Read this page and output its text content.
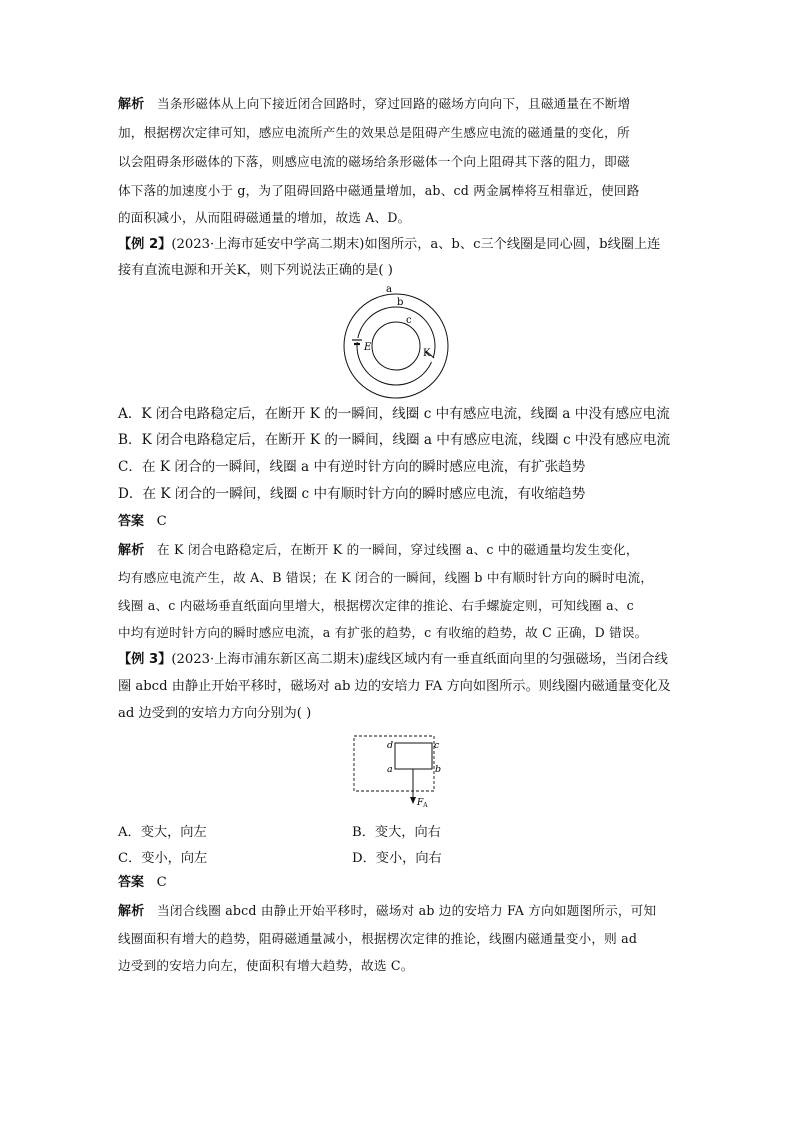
解析 当条形磁体从上向下接近闭合回路时，穿过回路的磁场方向向下，且磁通量在不断增
加，根据楞次定律可知，感应电流所产生的效果总是阻碍产生感应电流的磁通量的变化，所
以会阻碍条形磁体的下落，则感应电流的磁场给条形磁体一个向上阻碍其下落的阻力，即磁
体下落的加速度小于 g，为了阻碍回路中磁通量增加，ab、cd 两金属棒将互相靠近，使回路
的面积减小，从而阻碍磁通量的增加，故选 A、D。
【例 2】(2023·上海市延安中学高二期末)如图所示，a、b、c三个线圈是同心圆，b线圈上连
接有直流电源和开关K，则下列说法正确的是( )
a
b
c
E
K
A．K 闭合电路稳定后，在断开 K 的一瞬间，线圈 c 中有感应电流，线圈 a 中没有感应电流
B．K 闭合电路稳定后，在断开 K 的一瞬间，线圈 a 中有感应电流，线圈 c 中没有感应电流
C．在 K 闭合的一瞬间，线圈 a 中有逆时针方向的瞬时感应电流，有扩张趋势
D．在 K 闭合的一瞬间，线圈 c 中有顺时针方向的瞬时感应电流，有收缩趋势
答案 C
解析 在 K 闭合电路稳定后，在断开 K 的一瞬间，穿过线圈 a、c 中的磁通量均发生变化，
均有感应电流产生，故 A、B 错误；在 K 闭合的一瞬间，线圈 b 中有顺时针方向的瞬时电流，
线圈 a、c 内磁场垂直纸面向里增大，根据楞次定律的推论、右手螺旋定则，可知线圈 a、c
中均有逆时针方向的瞬时感应电流，a 有扩张的趋势，c 有收缩的趋势，故 C 正确，D 错误。
【例 3】(2023·上海市浦东新区高二期末)虚线区域内有一垂直纸面向里的匀强磁场，当闭合线
圈 abcd 由静止开始平移时，磁场对 ab 边的安培力 FA 方向如图所示。则线圈内磁通量变化及
ad 边受到的安培力方向分别为( )
d	c
a	b
$F_A$
A．变大，向左	B．变大，向右
C．变小，向左	D．变小，向右
答案 C
解析 当闭合线圈 abcd 由静止开始平移时，磁场对 ab 边的安培力 FA 方向如题图所示，可知
线圈面积有增大的趋势，阻碍磁通量减小，根据楞次定律的推论，线圈内磁通量变小，则 ad
边受到的安培力向左，使面积有增大趋势，故选 C。
